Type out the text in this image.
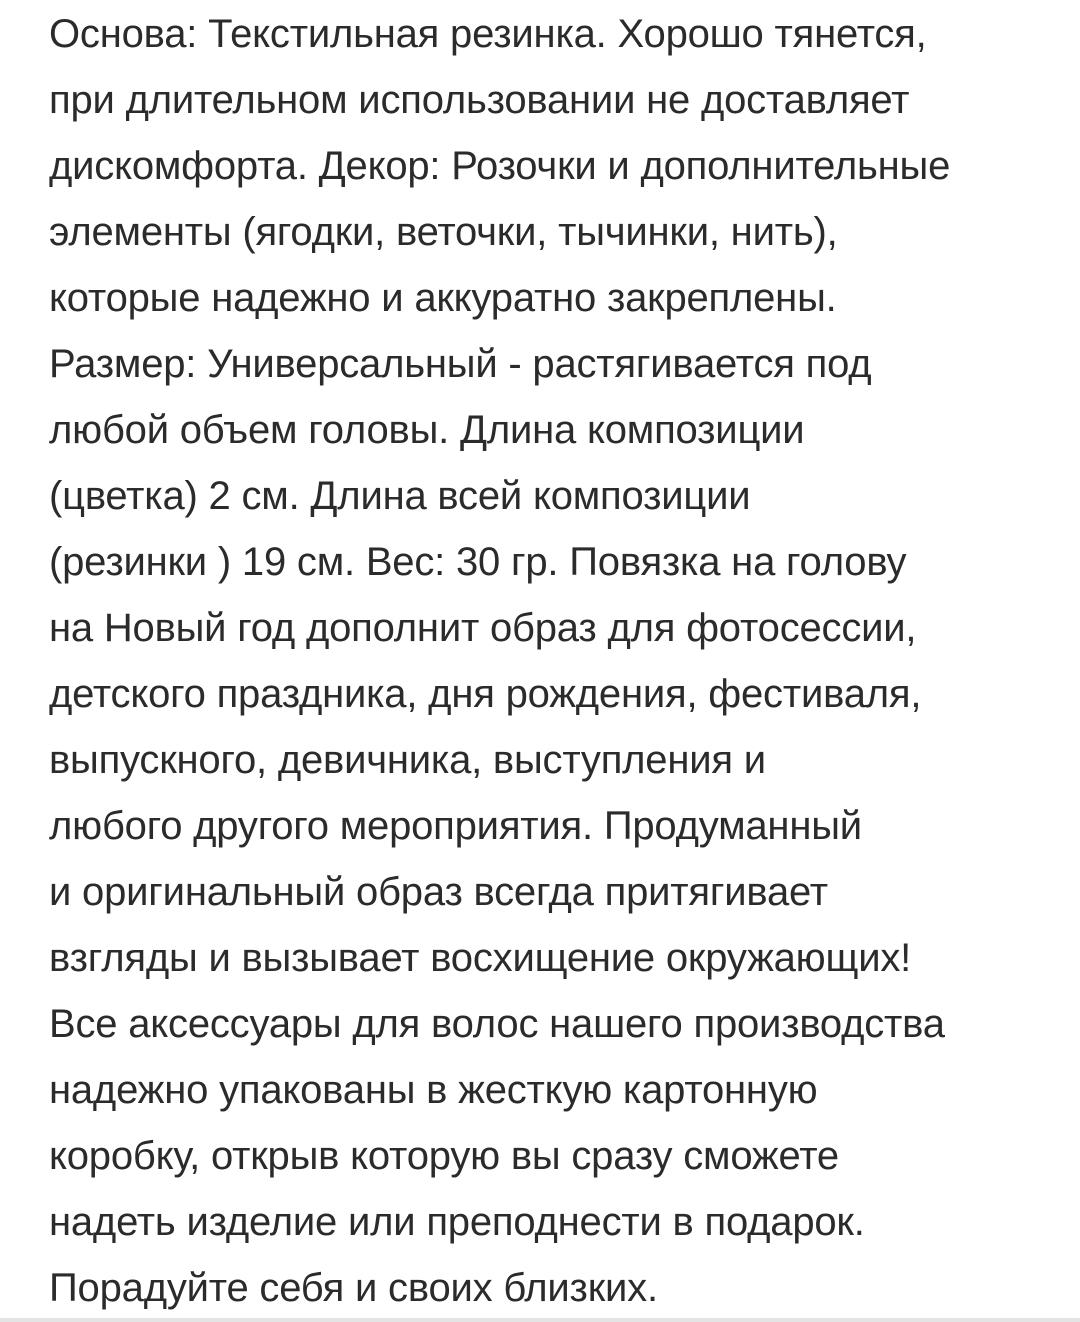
Основа: Текстильная резинка. Хорошо тянется,
при длительном использовании не доставляет
дискомфорта. Декор: Розочки и дополнительные
элементы (ягодки, веточки, тычинки, нить),
которые надежно и аккуратно закреплены.
Размер: Универсальный - растягивается под
любой объем головы. Длина композиции
(цветка) 2 см. Длина всей композиции
(резинки ) 19 см. Вес: 30 гр. Повязка на голову
на Новый год дополнит образ для фотосессии,
детского праздника, дня рождения, фестиваля,
выпускного, девичника, выступления и
любого другого мероприятия. Продуманный
и оригинальный образ всегда притягивает
взгляды и вызывает восхищение окружающих!
Все аксессуары для волос нашего производства
надежно упакованы в жесткую картонную
коробку, открыв которую вы сразу сможете
надеть изделие или преподнести в подарок.
Порадуйте себя и своих близких.
